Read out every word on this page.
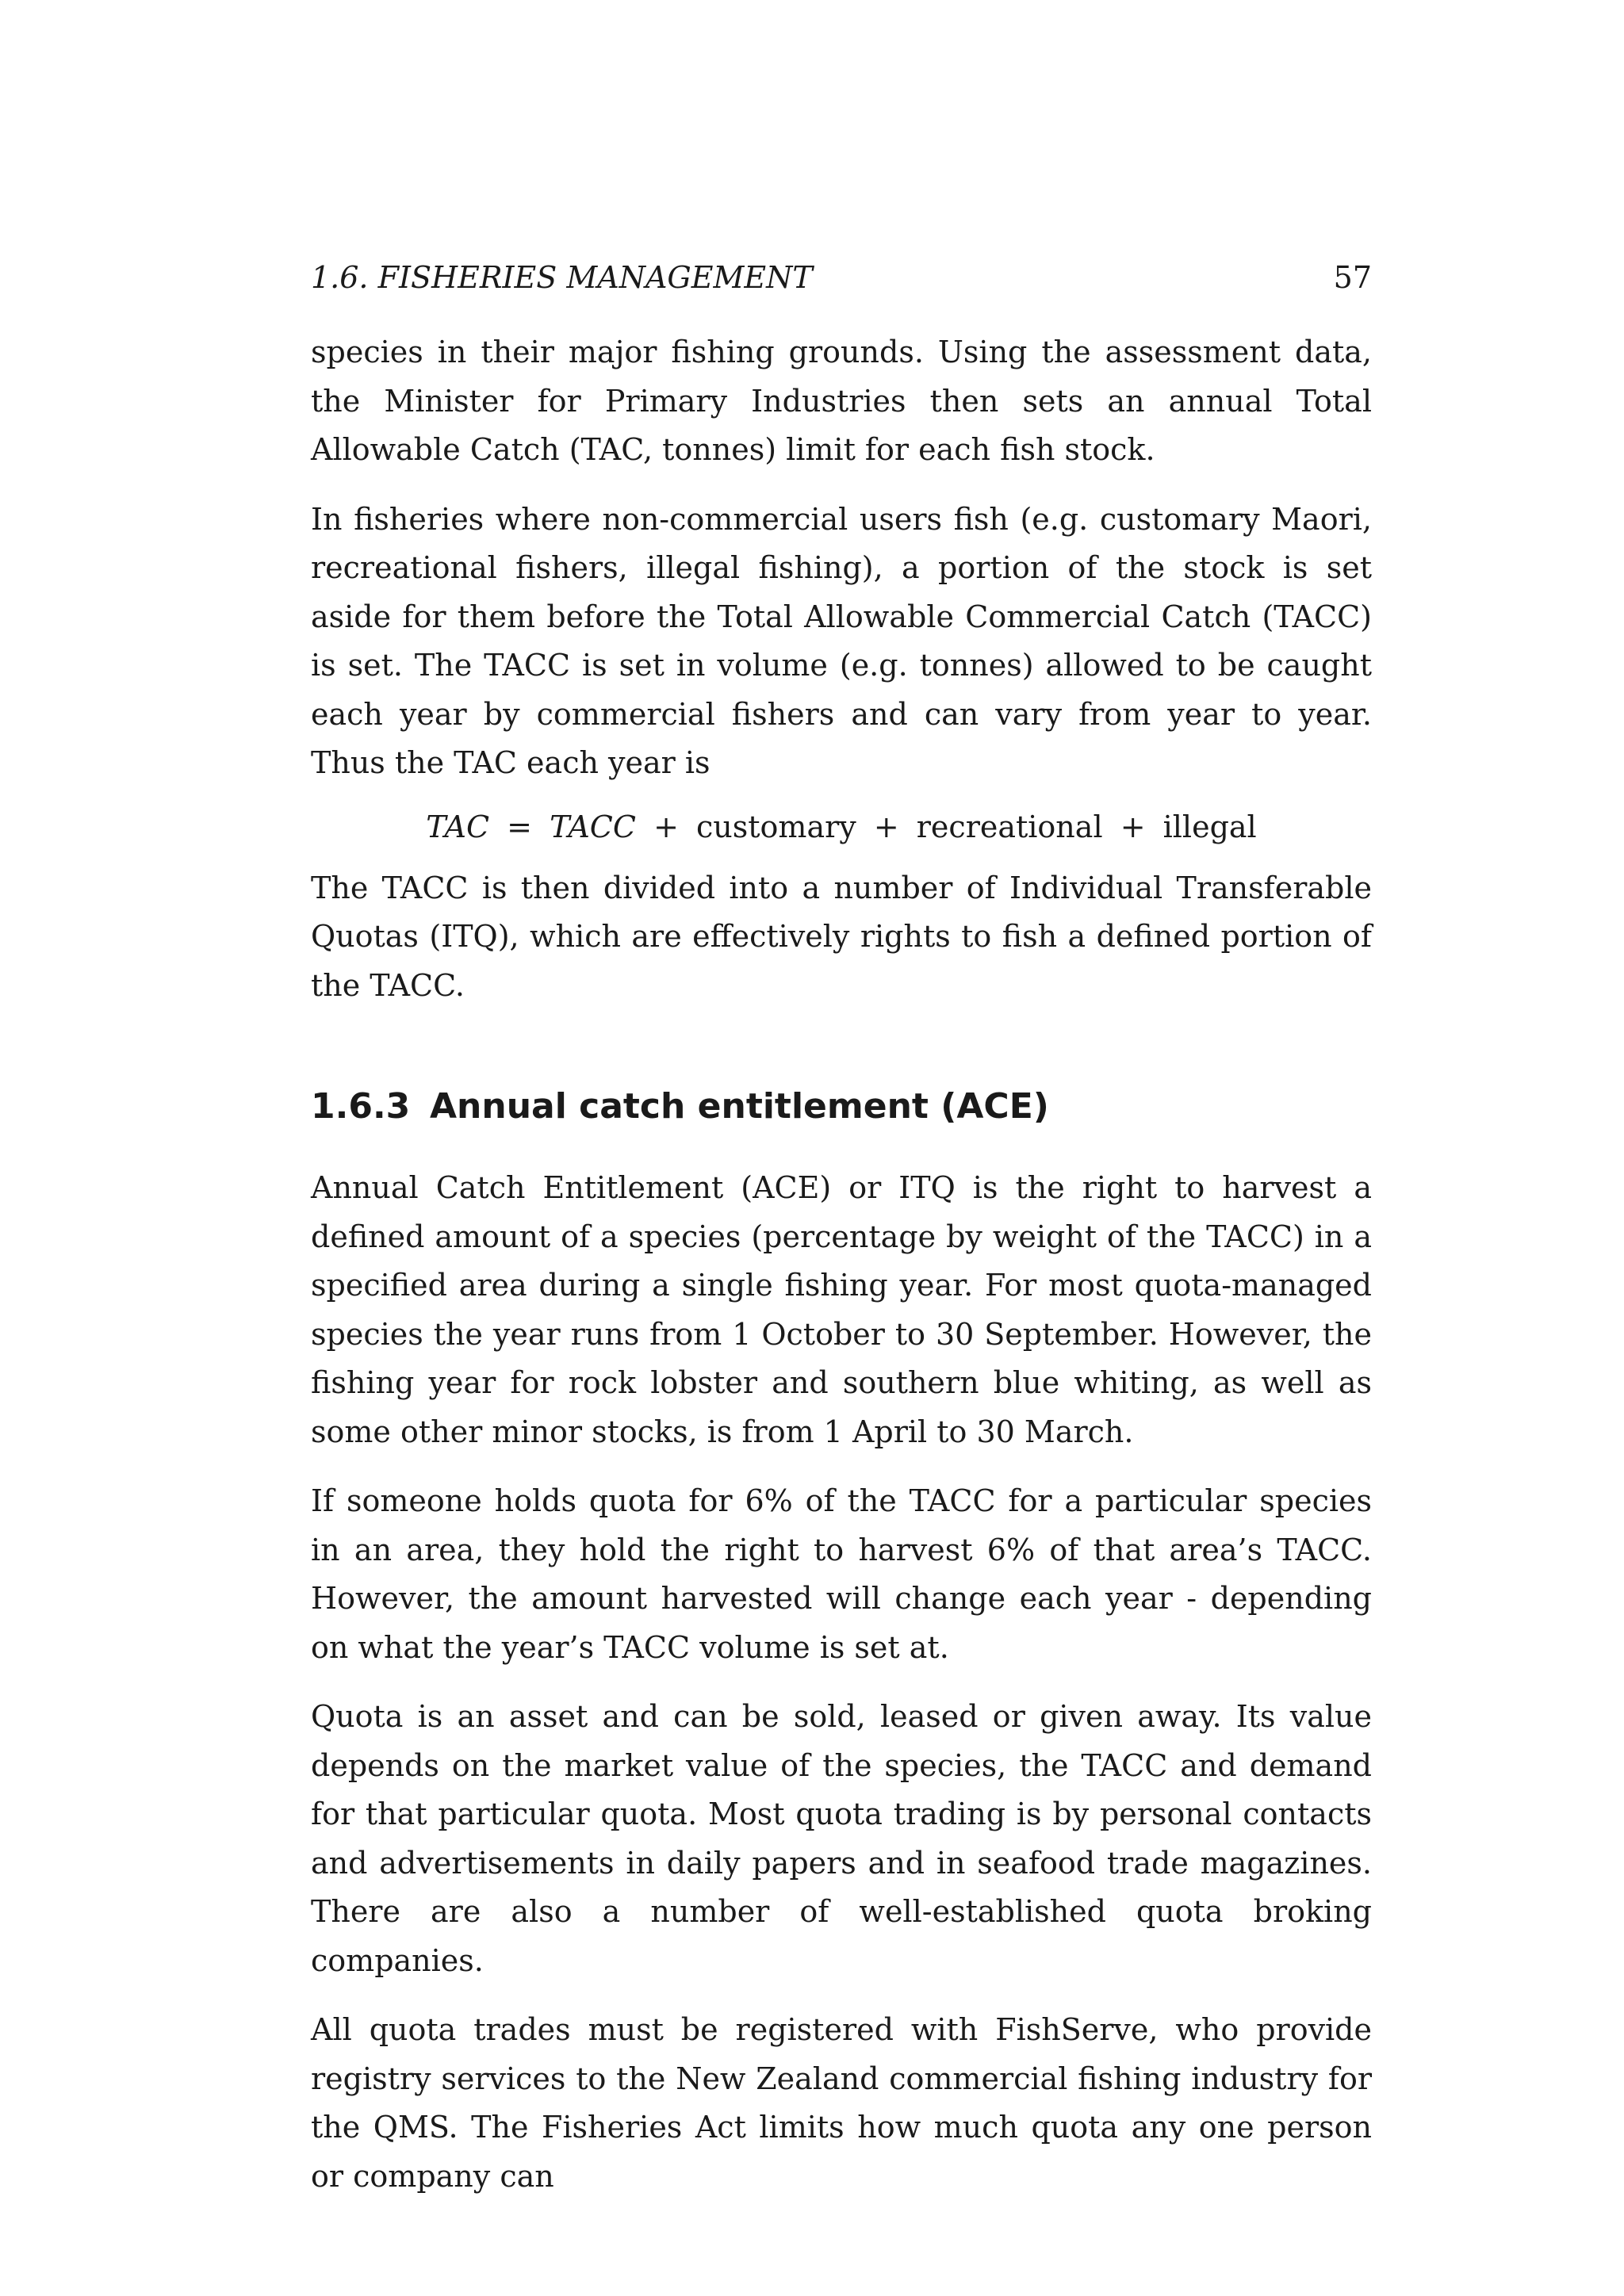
1.6. FISHERIES MANAGEMENT	57

species in their major fishing grounds. Using the assessment data, the Minister for Primary Industries then sets an annual Total Allowable Catch (TAC, tonnes) limit for each fish stock.

In fisheries where non-commercial users fish (e.g. customary Maori, recreational fishers, illegal fishing), a portion of the stock is set aside for them before the Total Allowable Commercial Catch (TACC) is set. The TACC is set in volume (e.g. tonnes) allowed to be caught each year by commercial fishers and can vary from year to year. Thus the TAC each year is

TAC = TACC + customary + recreational + illegal

The TACC is then divided into a number of Individual Transferable Quotas (ITQ), which are effectively rights to fish a defined portion of the TACC.

1.6.3 Annual catch entitlement (ACE)

Annual Catch Entitlement (ACE) or ITQ is the right to harvest a defined amount of a species (percentage by weight of the TACC) in a specified area during a single fishing year. For most quota-managed species the year runs from 1 October to 30 September. However, the fishing year for rock lobster and southern blue whiting, as well as some other minor stocks, is from 1 April to 30 March.

If someone holds quota for 6% of the TACC for a particular species in an area, they hold the right to harvest 6% of that area’s TACC. However, the amount harvested will change each year - depending on what the year’s TACC volume is set at.

Quota is an asset and can be sold, leased or given away. Its value depends on the market value of the species, the TACC and demand for that particular quota. Most quota trading is by personal contacts and advertisements in daily papers and in seafood trade magazines. There are also a number of well-established quota broking companies.

All quota trades must be registered with FishServe, who provide registry services to the New Zealand commercial fishing industry for the QMS. The Fisheries Act limits how much quota any one person or company can
